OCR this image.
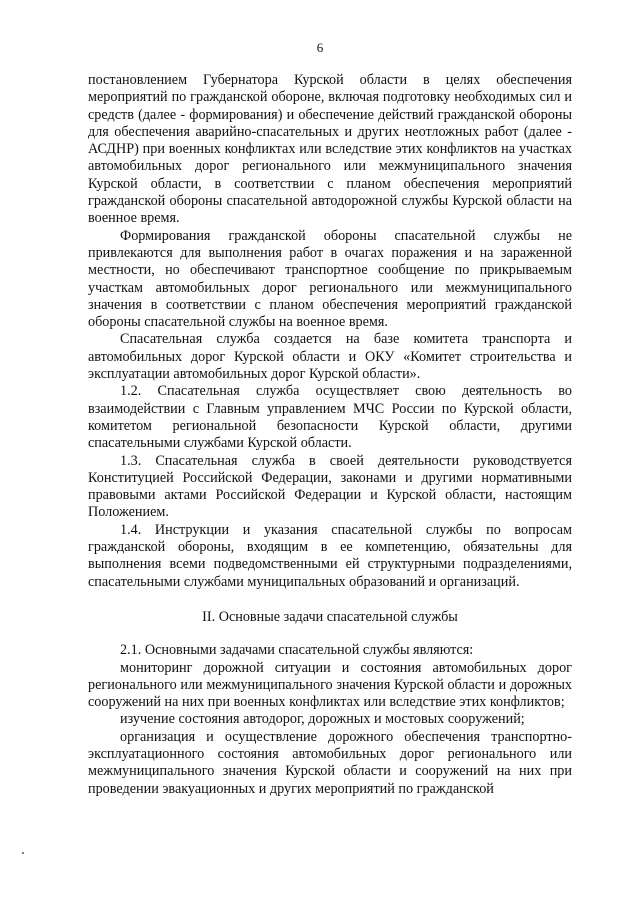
6

постановлением Губернатора Курской области в целях обеспечения мероприятий по гражданской обороне, включая подготовку необходимых сил и средств (далее - формирования) и обеспечение действий гражданской обороны для обеспечения аварийно-спасательных и других неотложных работ (далее - АСДНР) при военных конфликтах или вследствие этих конфликтов на участках автомобильных дорог регионального или межмуниципального значения Курской области, в соответствии с планом обеспечения мероприятий гражданской обороны спасательной автодорожной службы Курской области на военное время.

Формирования гражданской обороны спасательной службы не привлекаются для выполнения работ в очагах поражения и на зараженной местности, но обеспечивают транспортное сообщение по прикрываемым участкам автомобильных дорог регионального или межмуниципального значения в соответствии с планом обеспечения мероприятий гражданской обороны спасательной службы на военное время.

Спасательная служба создается на базе комитета транспорта и автомобильных дорог Курской области и ОКУ «Комитет строительства и эксплуатации автомобильных дорог Курской области».

1.2. Спасательная служба осуществляет свою деятельность во взаимодействии с Главным управлением МЧС России по Курской области, комитетом региональной безопасности Курской области, другими спасательными службами Курской области.

1.3. Спасательная служба в своей деятельности руководствуется Конституцией Российской Федерации, законами и другими нормативными правовыми актами Российской Федерации и Курской области, настоящим Положением.

1.4. Инструкции и указания спасательной службы по вопросам гражданской обороны, входящим в ее компетенцию, обязательны для выполнения всеми подведомственными ей структурными подразделениями, спасательными службами муниципальных образований и организаций.

II. Основные задачи спасательной службы

2.1. Основными задачами спасательной службы являются:

мониторинг дорожной ситуации и состояния автомобильных дорог регионального или межмуниципального значения Курской области и дорожных сооружений на них при военных конфликтах или вследствие этих конфликтов;

изучение состояния автодорог, дорожных и мостовых сооружений;

организация и осуществление дорожного обеспечения транспортно-эксплуатационного состояния автомобильных дорог регионального или межмуниципального значения Курской области и сооружений на них при проведении эвакуационных и других мероприятий по гражданской
